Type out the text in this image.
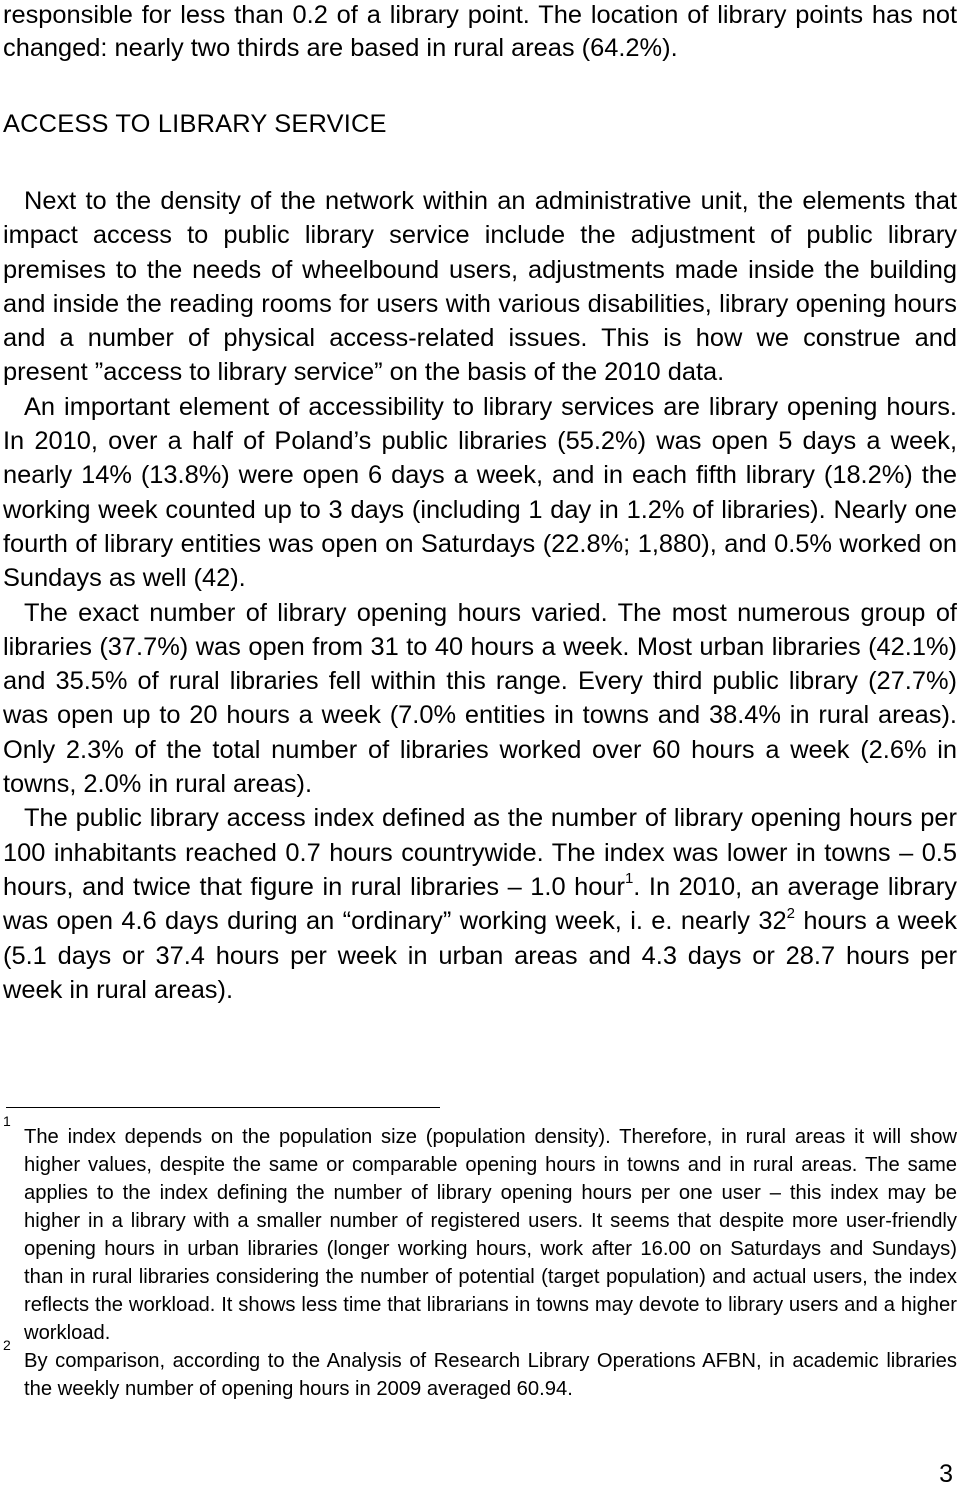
responsible for less than 0.2 of a library point. The location of library points has not changed: nearly two thirds are based in rural areas (64.2%).

ACCESS TO LIBRARY SERVICE

Next to the density of the network within an administrative unit, the elements that impact access to public library service include the adjustment of public library premises to the needs of wheelbound users, adjustments made inside the building and inside the reading rooms for users with various disabilities, library opening hours and a number of physical access-related issues. This is how we construe and present ”access to library service” on the basis of the 2010 data.

An important element of accessibility to library services are library opening hours. In 2010, over a half of Poland’s public libraries (55.2%) was open 5 days a week, nearly 14% (13.8%) were open 6 days a week, and in each fifth library (18.2%) the working week counted up to 3 days (including 1 day in 1.2% of libraries). Nearly one fourth of library entities was open on Saturdays (22.8%; 1,880), and 0.5% worked on Sundays as well (42).

The exact number of library opening hours varied. The most numerous group of libraries (37.7%) was open from 31 to 40 hours a week. Most urban libraries (42.1%) and 35.5% of rural libraries fell within this range. Every third public library (27.7%) was open up to 20 hours a week (7.0% entities in towns and 38.4% in rural areas). Only 2.3% of the total number of libraries worked over 60 hours a week (2.6% in towns, 2.0% in rural areas).

The public library access index defined as the number of library opening hours per 100 inhabitants reached 0.7 hours countrywide. The index was lower in towns – 0.5 hours, and twice that figure in rural libraries – 1.0 hour$^1$. In 2010, an average library was open 4.6 days during an “ordinary” working week, i. e. nearly $32^2$ hours a week (5.1 days or 37.4 hours per week in urban areas and 4.3 days or 28.7 hours per week in rural areas).

1
The index depends on the population size (population density). Therefore, in rural areas it will show higher values, despite the same or comparable opening hours in towns and in rural areas. The same applies to the index defining the number of library opening hours per one user – this index may be higher in a library with a smaller number of registered users. It seems that despite more user-friendly opening hours in urban libraries (longer working hours, work after 16.00 on Saturdays and Sundays) than in rural libraries considering the number of potential (target population) and actual users, the index reflects the workload. It shows less time that librarians in towns may devote to library users and a higher workload.

2
By comparison, according to the Analysis of Research Library Operations AFBN, in academic libraries the weekly number of opening hours in 2009 averaged 60.94.

3
